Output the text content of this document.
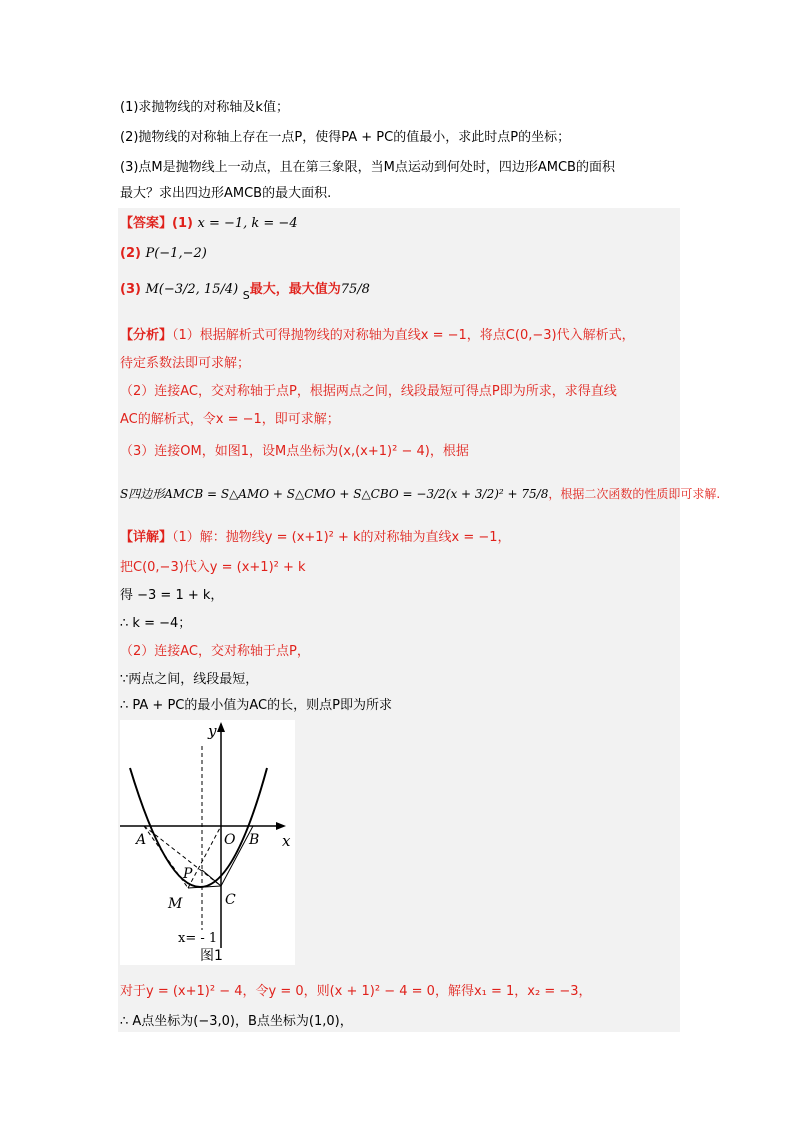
(1)求抛物线的对称轴及k值；
(2)抛物线的对称轴上存在一点P，使得PA + PC的值最小，求此时点P的坐标；
(3)点M是抛物线上一动点，且在第三象限，当M点运动到何处时，四边形AMCB的面积
最大？求出四边形AMCB的最大面积.
【答案】(1) x = −1, k = −4
(2) P(−1,−2)
(3) M(−3/2, 15/4) $_S$最大，最大值为75/8
【分析】（1）根据解析式可得抛物线的对称轴为直线x = −1，将点C(0,−3)代入解析式，
待定系数法即可求解；
（2）连接AC，交对称轴于点P，根据两点之间，线段最短可得点P即为所求，求得直线
AC的解析式，令x = −1，即可求解；
（3）连接OM，如图1，设M点坐标为(x,(x+1)² − 4)，根据
S四边形AMCB = S△AMO + S△CMO + S△CBO = −3/2(x + 3/2)² + 75/8，根据二次函数的性质即可求解.
【详解】（1）解：抛物线y = (x+1)² + k的对称轴为直线x = −1，
把C(0,−3)代入y = (x+1)² + k
得 −3 = 1 + k，
∴ k = −4；
（2）连接AC，交对称轴于点P，
∵两点之间，线段最短，
∴ PA + PC的最小值为AC的长，则点P即为所求
y
x
A	O B
P
M	C
x= - 1
图1
对于y = (x+1)² − 4，令y = 0，则(x + 1)² − 4 = 0，解得x₁ = 1，x₂ = −3，
∴ A点坐标为(−3,0)，B点坐标为(1,0)，
